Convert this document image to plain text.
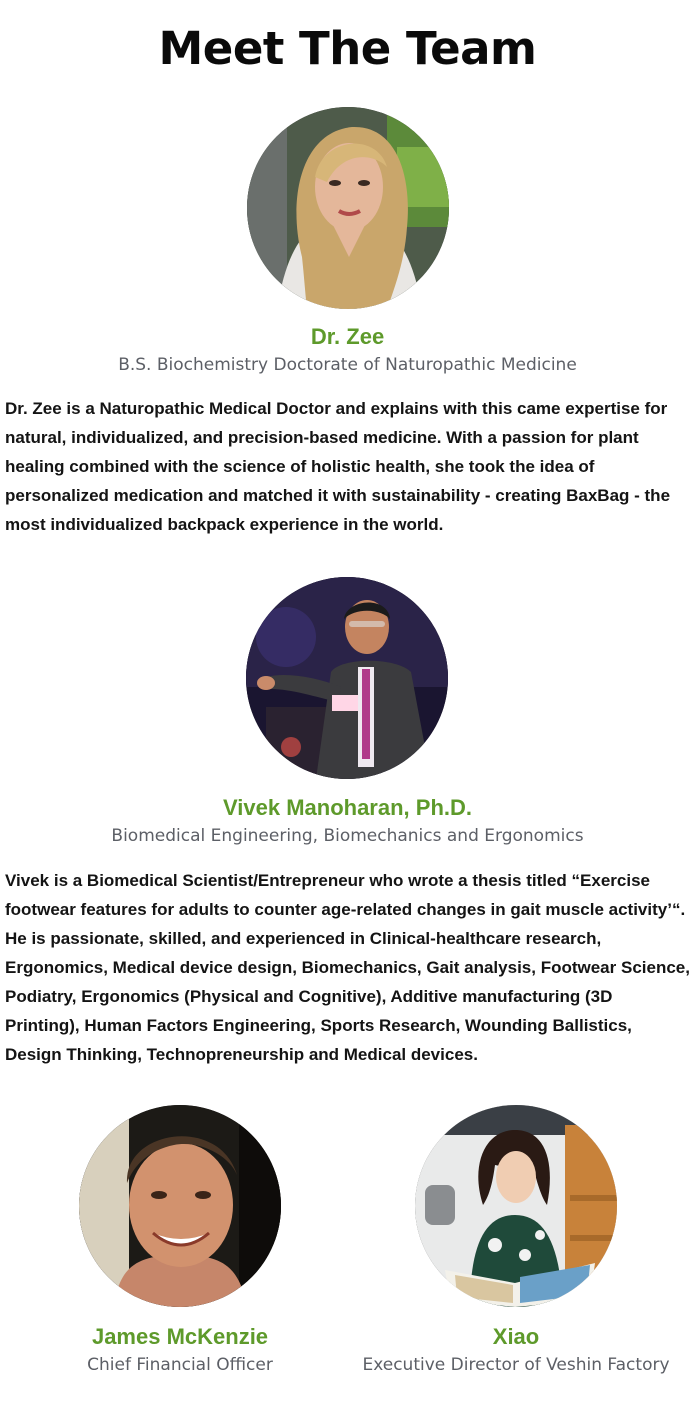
Meet The Team
Dr. Zee
B.S. Biochemistry Doctorate of Naturopathic Medicine

Dr. Zee is a Naturopathic Medical Doctor and explains with this came expertise for natural, individualized, and precision-based medicine. With a passion for plant healing combined with the science of holistic health, she took the idea of personalized medication and matched it with sustainability - creating BaxBag - the most individualized backpack experience in the world.

Vivek Manoharan, Ph.D.
Biomedical Engineering, Biomechanics and Ergonomics

Vivek is a Biomedical Scientist/Entrepreneur who wrote a thesis titled “Exercise footwear features for adults to counter age-related changes in gait muscle activity’“. He is passionate, skilled, and experienced in Clinical-healthcare research, Ergonomics, Medical device design, Biomechanics, Gait analysis, Footwear Science, Podiatry, Ergonomics (Physical and Cognitive), Additive manufacturing (3D Printing), Human Factors Engineering, Sports Research, Wounding Ballistics, Design Thinking, Technopreneurship and Medical devices.

James McKenzie
Chief Financial Officer
Xiao
Executive Director of Veshin Factory
